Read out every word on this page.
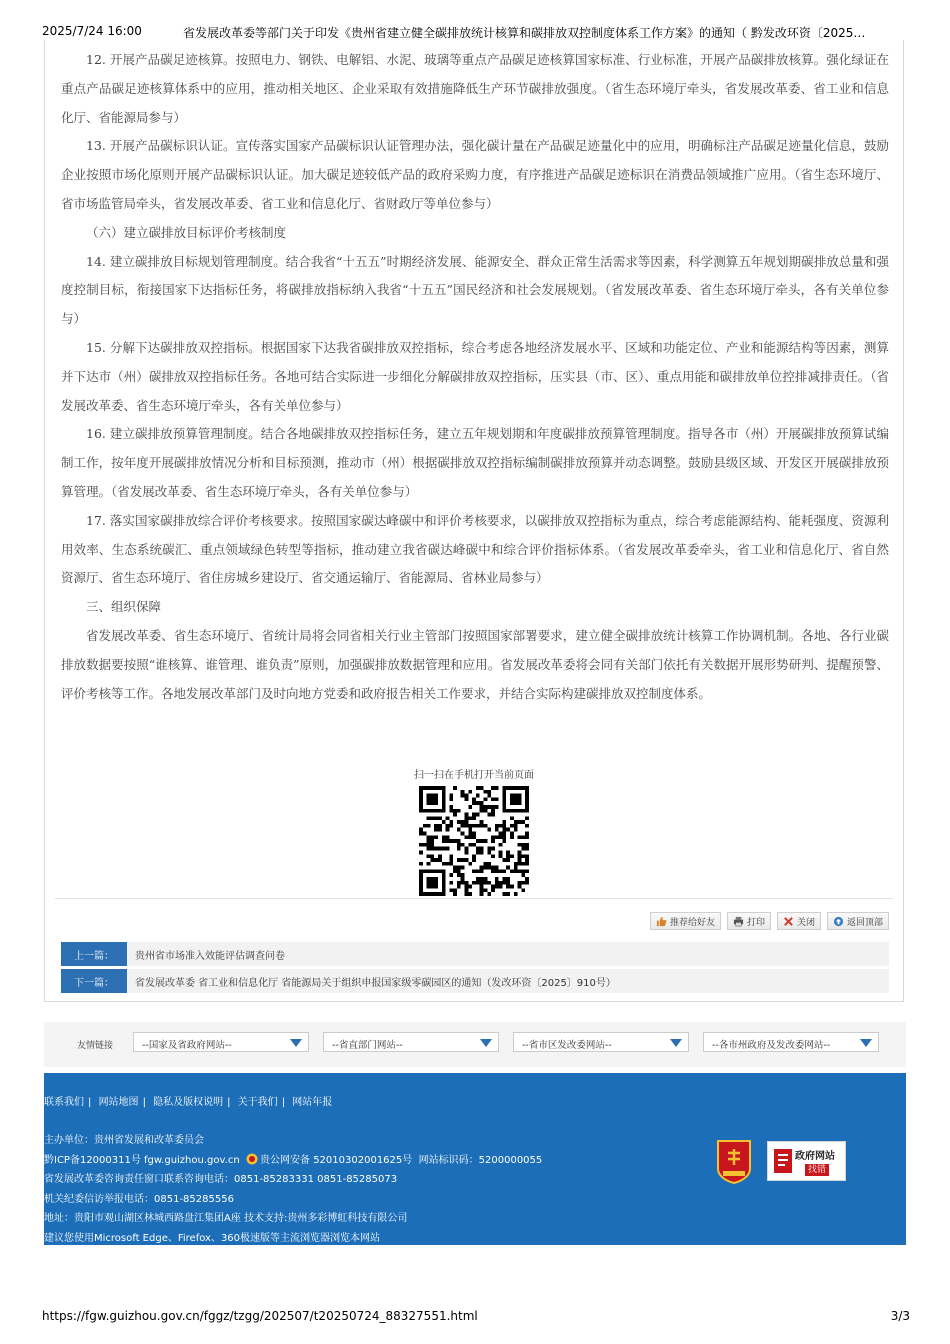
2025/7/24 16:00	省发展改革委等部门关于印发《贵州省建立健全碳排放统计核算和碳排放双控制度体系工作方案》的通知（ 黔发改环资〔2025…

12. 开展产品碳足迹核算。按照电力、钢铁、电解铝、水泥、玻璃等重点产品碳足迹核算国家标准、行业标准，开展产品碳排放核算。强化绿证在重点产品碳足迹核算体系中的应用，推动相关地区、企业采取有效措施降低生产环节碳排放强度。（省生态环境厅牵头，省发展改革委、省工业和信息化厅、省能源局参与）

13. 开展产品碳标识认证。宣传落实国家产品碳标识认证管理办法，强化碳计量在产品碳足迹量化中的应用，明确标注产品碳足迹量化信息，鼓励企业按照市场化原则开展产品碳标识认证。加大碳足迹较低产品的政府采购力度，有序推进产品碳足迹标识在消费品领域推广应用。（省生态环境厅、省市场监管局牵头，省发展改革委、省工业和信息化厅、省财政厅等单位参与）

（六）建立碳排放目标评价考核制度

14. 建立碳排放目标规划管理制度。结合我省“十五五”时期经济发展、能源安全、群众正常生活需求等因素，科学测算五年规划期碳排放总量和强度控制目标，衔接国家下达指标任务，将碳排放指标纳入我省“十五五”国民经济和社会发展规划。（省发展改革委、省生态环境厅牵头，各有关单位参与）

15. 分解下达碳排放双控指标。根据国家下达我省碳排放双控指标，综合考虑各地经济发展水平、区域和功能定位、产业和能源结构等因素，测算并下达市（州）碳排放双控指标任务。各地可结合实际进一步细化分解碳排放双控指标，压实县（市、区）、重点用能和碳排放单位控排减排责任。（省发展改革委、省生态环境厅牵头，各有关单位参与）

16. 建立碳排放预算管理制度。结合各地碳排放双控指标任务，建立五年规划期和年度碳排放预算管理制度。指导各市（州）开展碳排放预算试编制工作，按年度开展碳排放情况分析和目标预测，推动市（州）根据碳排放双控指标编制碳排放预算并动态调整。鼓励县级区域、开发区开展碳排放预算管理。（省发展改革委、省生态环境厅牵头，各有关单位参与）

17. 落实国家碳排放综合评价考核要求。按照国家碳达峰碳中和评价考核要求，以碳排放双控指标为重点，综合考虑能源结构、能耗强度、资源利用效率、生态系统碳汇、重点领域绿色转型等指标，推动建立我省碳达峰碳中和综合评价指标体系。（省发展改革委牵头，省工业和信息化厅、省自然资源厅、省生态环境厅、省住房城乡建设厅、省交通运输厅、省能源局、省林业局参与）

三、组织保障

省发展改革委、省生态环境厅、省统计局将会同省相关行业主管部门按照国家部署要求，建立健全碳排放统计核算工作协调机制。各地、各行业碳排放数据要按照“谁核算、谁管理、谁负责”原则，加强碳排放数据管理和应用。省发展改革委将会同有关部门依托有关数据开展形势研判、提醒预警、评价考核等工作。各地发展改革部门及时向地方党委和政府报告相关工作要求，并结合实际构建碳排放双控制度体系。

扫一扫在手机打开当前页面
推荐给好友	打印	关闭	返回顶部
上一篇：	贵州省市场准入效能评估调查问卷
下一篇：	省发展改革委 省工业和信息化厅 省能源局关于组织申报国家级零碳园区的通知（发改环资〔2025〕910号）
友情链接	--国家及省政府网站--	--省直部门网站--	--省市区发改委网站--	--各市州政府及发改委网站--
联系我们 | 网站地图 | 隐私及版权说明 | 关于我们 | 网站年报
主办单位：贵州省发展和改革委员会
黔ICP备12000311号 fgw.guizhou.gov.cn 贵公网安备 52010302001625号 网站标识码：5200000055
省发展改革委咨询责任窗口联系咨询电话：0851-85283331 0851-85285073
机关纪委信访举报电话：0851-85285556
地址：贵阳市观山湖区林城西路盘江集团A座 技术支持:贵州多彩博虹科技有限公司
建议您使用Microsoft Edge、Firefox、360极速版等主流浏览器浏览本网站
政府网站
找错
https://fgw.guizhou.gov.cn/fggz/tzgg/202507/t20250724_88327551.html	3/3
